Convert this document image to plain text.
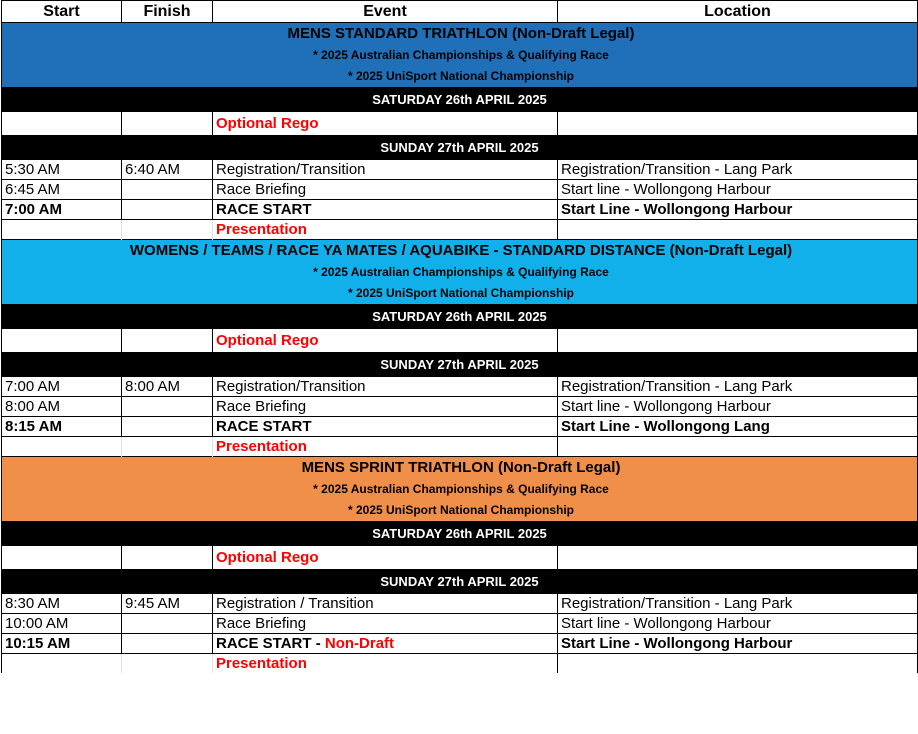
Start	Finish	Event	Location

MENS STANDARD TRIATHLON (Non-Draft Legal)
* 2025 Australian Championships & Qualifying Race
* 2025 UniSport National Championship			

SATURDAY 26th APRIL 2025			
		Optional Rego	
SUNDAY 27th APRIL 2025			
5:30 AM	6:40 AM	Registration/Transition	Registration/Transition - Lang Park
6:45 AM		Race Briefing	Start line - Wollongong Harbour
7:00 AM		RACE START	Start Line - Wollongong Harbour
		Presentation	

WOMENS / TEAMS / RACE YA MATES / AQUABIKE - STANDARD DISTANCE (Non-Draft Legal)
* 2025 Australian Championships & Qualifying Race
* 2025 UniSport National Championship			

SATURDAY 26th APRIL 2025			
		Optional Rego	
SUNDAY 27th APRIL 2025			
7:00 AM	8:00 AM	Registration/Transition	Registration/Transition - Lang Park
8:00 AM		Race Briefing	Start line - Wollongong Harbour
8:15 AM		RACE START	Start Line - Wollongong Lang
		Presentation	

MENS SPRINT TRIATHLON (Non-Draft Legal)
* 2025 Australian Championships & Qualifying Race
* 2025 UniSport National Championship			

SATURDAY 26th APRIL 2025			
		Optional Rego	
SUNDAY 27th APRIL 2025			
8:30 AM	9:45 AM	Registration / Transition	Registration/Transition - Lang Park
10:00 AM		Race Briefing	Start line - Wollongong Harbour
10:15 AM		RACE START - Non-Draft	Start Line - Wollongong Harbour
		Presentation	
